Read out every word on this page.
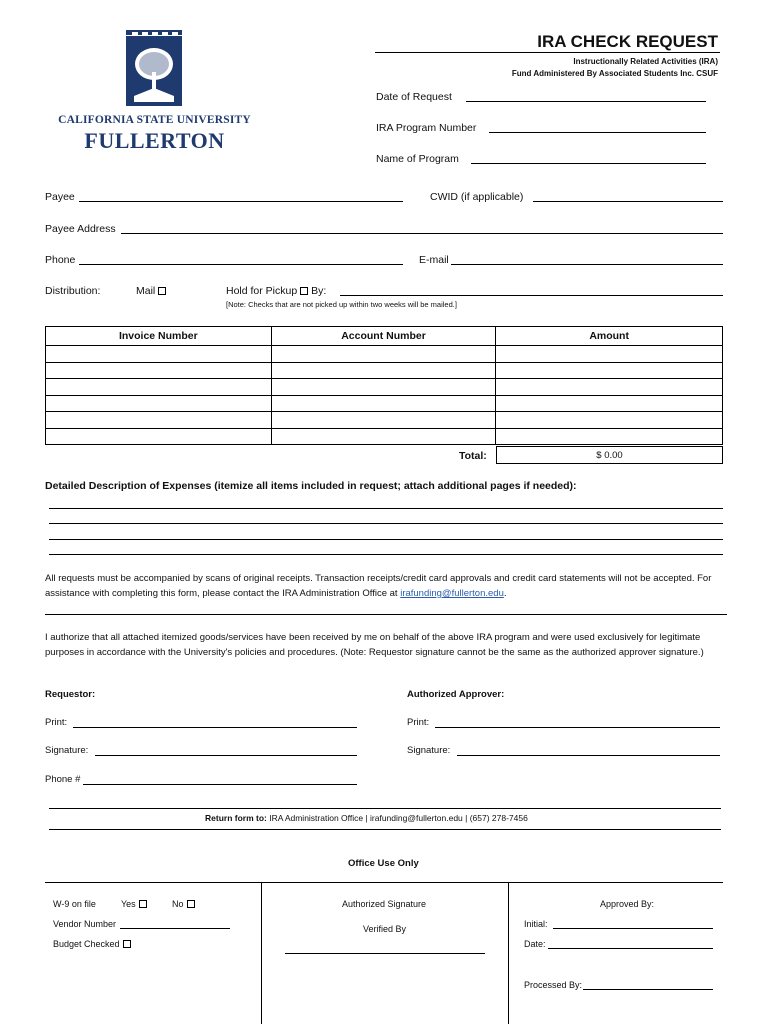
CALIFORNIA STATE UNIVERSITY
FULLERTON
IRA CHECK REQUEST
Instructionally Related Activities (IRA)
Fund Administered By Associated Students Inc. CSUF
Date of Request
IRA Program Number
Name of Program
Payee	CWID (if applicable)
Payee Address
Phone	E-mail
Distribution:	Mail	Hold for Pickup By:
[Note: Checks that are not picked up within two weeks will be mailed.]
Invoice Number	Account Number	Amount

Total:	$ 0.00
Detailed Description of Expenses (itemize all items included in request; attach additional pages if needed):
All requests must be accompanied by scans of original receipts. Transaction receipts/credit card approvals and credit card statements will not be accepted. For assistance with completing this form, please contact the IRA Administration Office at irafunding@fullerton.edu.
I authorize that all attached itemized goods/services have been received by me on behalf of the above IRA program and were used exclusively for legitimate purposes in accordance with the University's policies and procedures. (Note: Requestor signature cannot be the same as the authorized approver signature.)
Requestor:	Authorized Approver:
Print:	Print:
Signature:	Signature:
Phone #
Return form to: IRA Administration Office | irafunding@fullerton.edu | (657) 278-7456
Office Use Only
W-9 on file	Yes	No
Vendor Number
Budget Checked
Authorized Signature
Verified By
Approved By:
Initial:
Date:
Processed By:
